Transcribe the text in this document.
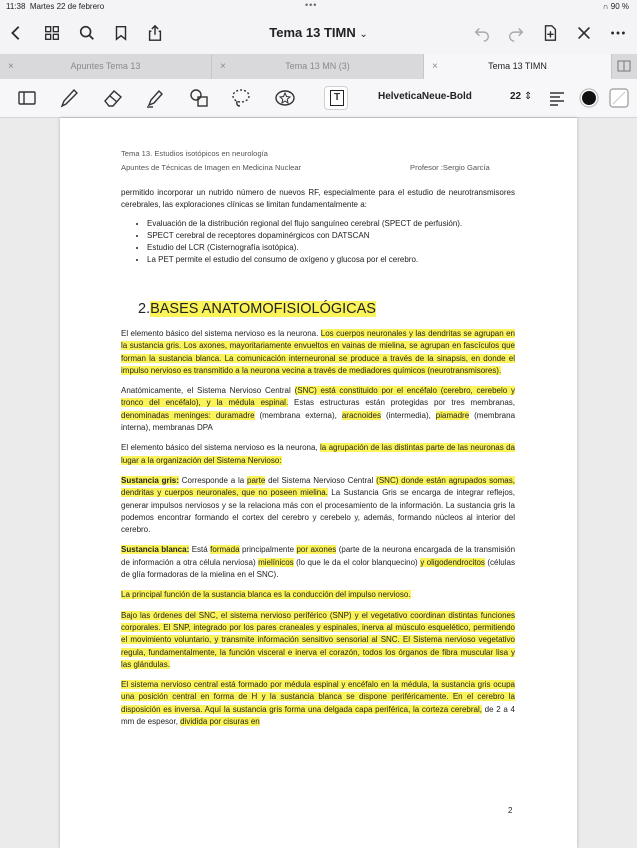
11:38 Martes 22 de febrero	•••	∩ 90 %
Tema 13 TIMN ⌄
×	Apuntes Tema 13	×	Tema 13 MN (3)	×	Tema 13 TIMN
T	HelveticaNeue-Bold	22 ⇕
Tema 13. Estudios isotópicos en neurología
Apuntes de Técnicas de Imagen en Medicina Nuclear	Profesor :Sergio García

permitido incorporar un nutrido número de nuevos RF, especialmente para el estudio de neurotransmisores cerebrales, las exploraciones clínicas se limitan fundamentalmente a:

• Evaluación de la distribución regional del flujo sanguíneo cerebral (SPECT de perfusión).
• SPECT cerebral de receptores dopaminérgicos con DATSCAN
• Estudio del LCR (Cisternografía isotópica).
• La PET permite el estudio del consumo de oxígeno y glucosa por el cerebro.
2.BASES ANATOMOFISIOLÓGICAS

El elemento básico del sistema nervioso es la neurona. Los cuerpos neuronales y las dendritas se agrupan en la sustancia gris. Los axones, mayoritariamente envueltos en vainas de mielina, se agrupan en fascículos que forman la sustancia blanca. La comunicación interneuronal se produce a través de la sinapsis, en donde el impulso nervioso es transmitido a la neurona vecina a través de mediadores químicos (neurotransmisores).

Anatómicamente, el Sistema Nervioso Central (SNC) está constituido por el encéfalo (cerebro, cerebelo y tronco del encéfalo), y la médula espinal. Estas estructuras están protegidas por tres membranas, denominadas meninges: duramadre (membrana externa), aracnoides (intermedia), piamadre (membrana interna), membranas DPA

El elemento básico del sistema nervioso es la neurona, la agrupación de las distintas parte de las neuronas da lugar a la organización del Sistema Nervioso:

Sustancia gris: Corresponde a la parte del Sistema Nervioso Central (SNC) donde están agrupados somas, dendritas y cuerpos neuronales, que no poseen mielina. La Sustancia Gris se encarga de integrar reflejos, generar impulsos nerviosos y se la relaciona más con el procesamiento de la información. La sustancia gris la podemos encontrar formando el cortex del cerebro y cerebelo y, además, formando núcleos al interior del cerebro.

Sustancia blanca: Está formada principalmente por axones (parte de la neurona encargada de la transmisión de información a otra célula nerviosa) mielínicos (lo que le da el color blanquecino) y oligodendrocitos (células de glía formadoras de la mielina en el SNC).

La principal función de la sustancia blanca es la conducción del impulso nervioso.

Bajo las órdenes del SNC, el sistema nervioso periférico (SNP) y el vegetativo coordinan distintas funciones corporales. El SNP, integrado por los pares craneales y espinales, inerva al músculo esquelético, permitiendo el movimiento voluntario, y transmite información sensitivo sensorial al SNC. El Sistema nervioso vegetativo regula, fundamentalmente, la función visceral e inerva el corazón, todos los órganos de fibra muscular lisa y las glándulas.

El sistema nervioso central está formado por médula espinal y encéfalo en la médula, la sustancia gris ocupa una posición central en forma de H y la sustancia blanca se dispone periféricamente. En el cerebro la disposición es inversa. Aquí la sustancia gris forma una delgada capa periférica, la corteza cerebral, de 2 a 4 mm de espesor, dividida por cisuras en

2
